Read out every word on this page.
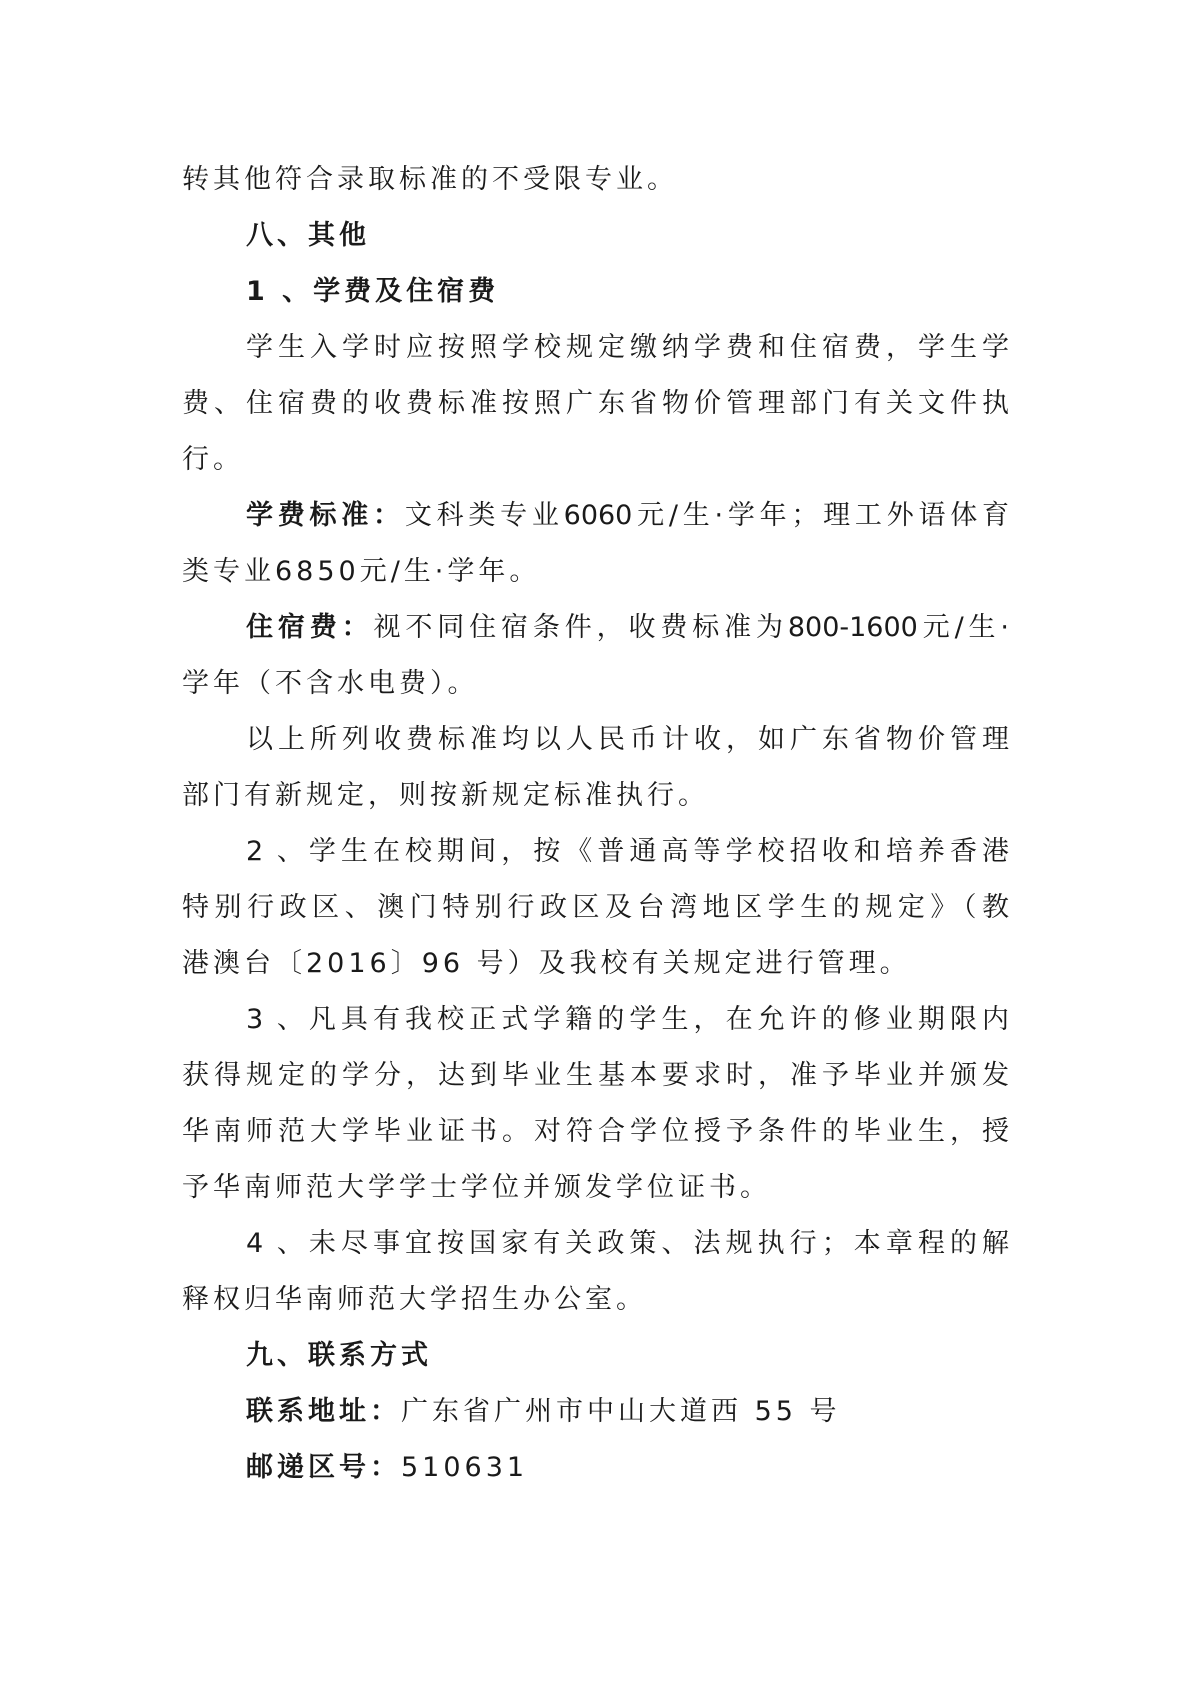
转其他符合录取标准的不受限专业。
八、其他
1 、学费及住宿费
学生入学时应按照学校规定缴纳学费和住宿费，学生学
费、住宿费的收费标准按照广东省物价管理部门有关文件执
行。
学费标准：文科类专业6060元/生·学年；理工外语体育
类专业6850元/生·学年。
住宿费：视不同住宿条件，收费标准为800-1600元/生·
学年（不含水电费）。
以上所列收费标准均以人民币计收，如广东省物价管理
部门有新规定，则按新规定标准执行。
2 、学生在校期间，按《普通高等学校招收和培养香港
特别行政区、澳门特别行政区及台湾地区学生的规定》（教
港澳台〔2016〕96 号）及我校有关规定进行管理。
3 、凡具有我校正式学籍的学生，在允许的修业期限内
获得规定的学分，达到毕业生基本要求时，准予毕业并颁发
华南师范大学毕业证书。对符合学位授予条件的毕业生，授
予华南师范大学学士学位并颁发学位证书。
4 、未尽事宜按国家有关政策、法规执行；本章程的解
释权归华南师范大学招生办公室。
九、联系方式
联系地址：广东省广州市中山大道西 55 号
邮递区号：510631
